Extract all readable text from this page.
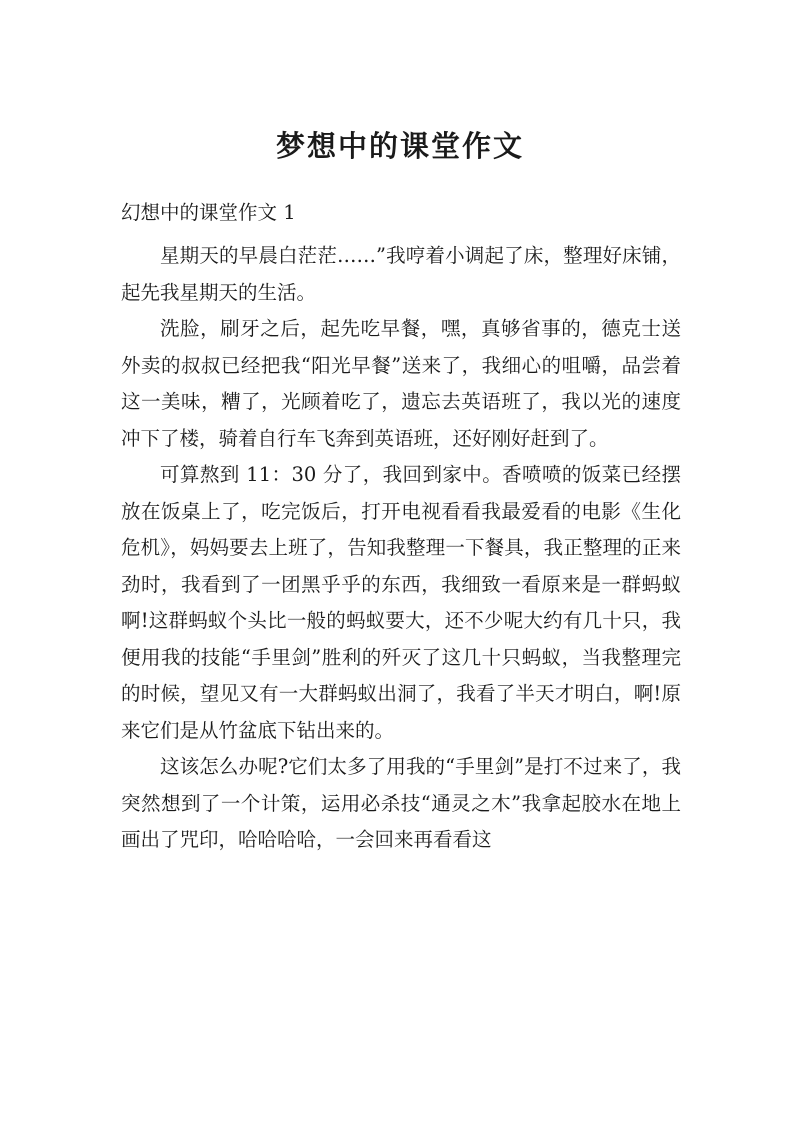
梦想中的课堂作文

幻想中的课堂作文 1

星期天的早晨白茫茫……”我哼着小调起了床，整理好床铺，起先我星期天的生活。

洗脸，刷牙之后，起先吃早餐，嘿，真够省事的，德克士送外卖的叔叔已经把我“阳光早餐”送来了，我细心的咀嚼，品尝着这一美味，糟了，光顾着吃了，遗忘去英语班了，我以光的速度冲下了楼，骑着自行车飞奔到英语班，还好刚好赶到了。

可算熬到 11：30 分了，我回到家中。香喷喷的饭菜已经摆放在饭桌上了，吃完饭后，打开电视看看我最爱看的电影《生化危机》，妈妈要去上班了，告知我整理一下餐具，我正整理的正来劲时，我看到了一团黑乎乎的东西，我细致一看原来是一群蚂蚁啊!这群蚂蚁个头比一般的蚂蚁要大，还不少呢大约有几十只，我便用我的技能“手里剑”胜利的歼灭了这几十只蚂蚁，当我整理完的时候，望见又有一大群蚂蚁出洞了，我看了半天才明白，啊!原来它们是从竹盆底下钻出来的。

这该怎么办呢?它们太多了用我的“手里剑”是打不过来了，我突然想到了一个计策，运用必杀技“通灵之木”我拿起胶水在地上画出了咒印，哈哈哈哈，一会回来再看看这
